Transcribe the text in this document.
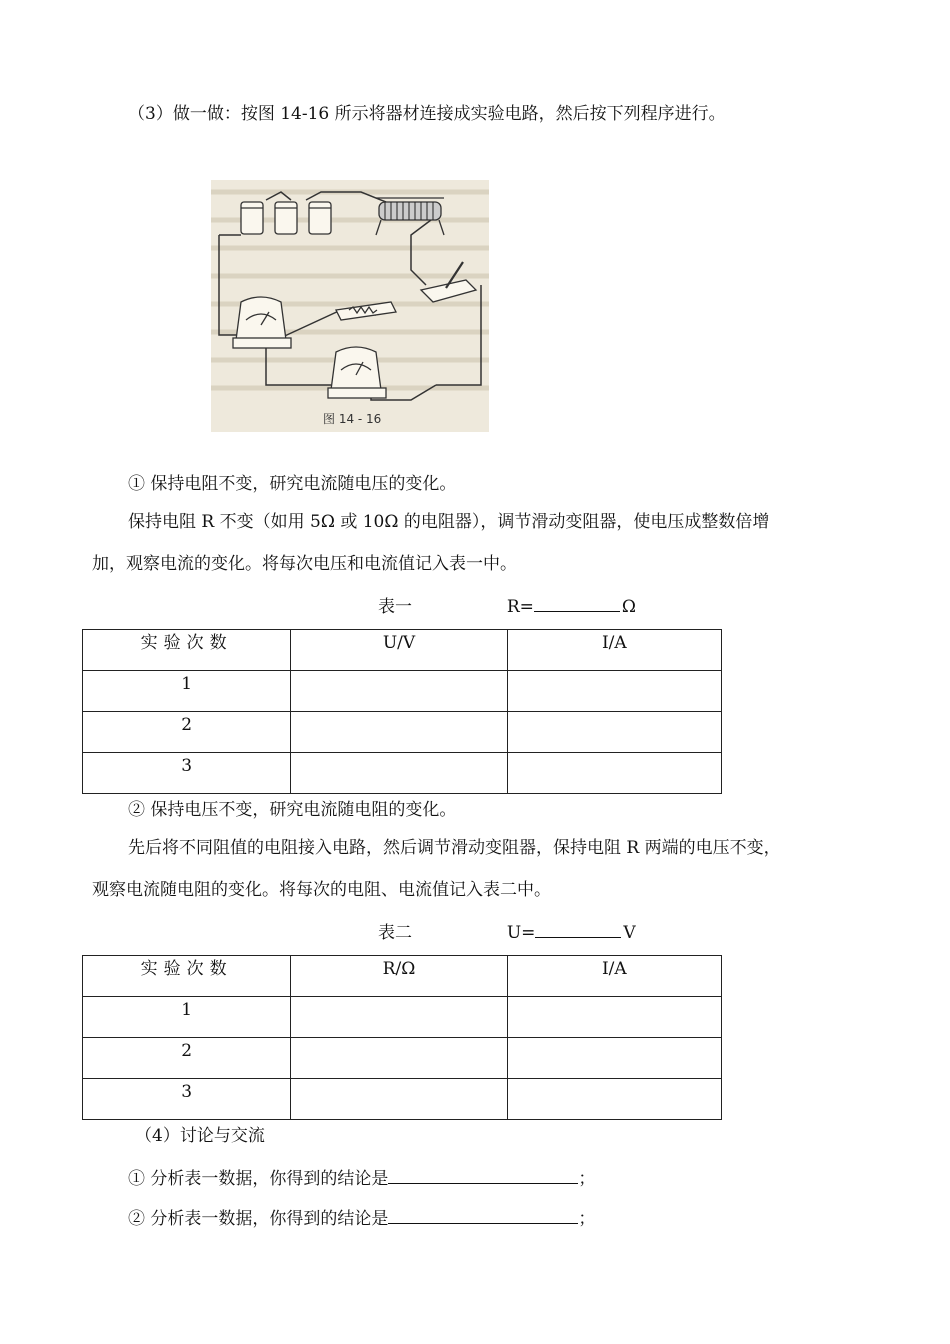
（3）做一做：按图 14-16 所示将器材连接成实验电路，然后按下列程序进行。
图 14 - 16
① 保持电阻不变，研究电流随电压的变化。
保持电阻 R 不变（如用 5Ω 或 10Ω 的电阻器），调节滑动变阻器，使电压成整数倍增
加，观察电流的变化。将每次电压和电流值记入表一中。
表一	R=	Ω
实验次数	U/V	I/A
1		
2		
3		
② 保持电压不变，研究电流随电阻的变化。
先后将不同阻值的电阻接入电路，然后调节滑动变阻器，保持电阻 R 两端的电压不变，
观察电流随电阻的变化。将每次的电阻、电流值记入表二中。
表二	U=	V
实验次数	R/Ω	I/A
1		
2		
3		
（4）讨论与交流
① 分析表一数据，你得到的结论是	；
② 分析表一数据，你得到的结论是	；
